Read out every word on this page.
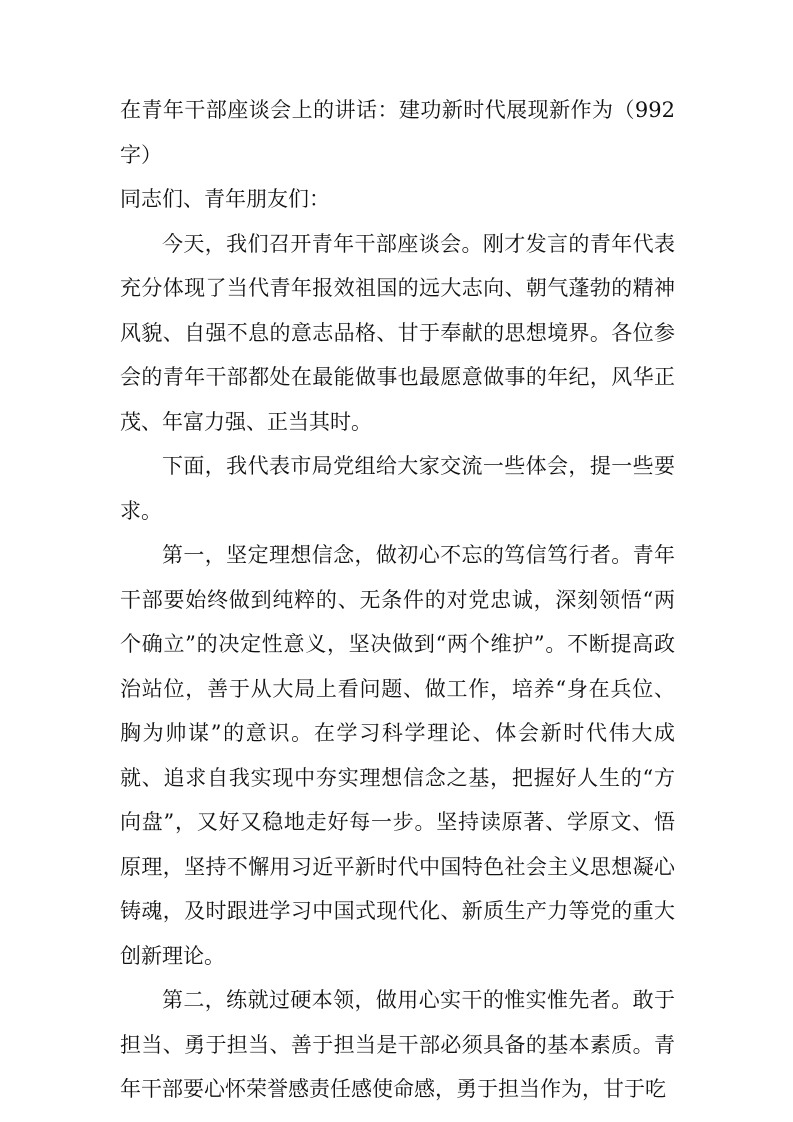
在青年干部座谈会上的讲话：建功新时代展现新作为（992字）

同志们、青年朋友们：

今天，我们召开青年干部座谈会。刚才发言的青年代表充分体现了当代青年报效祖国的远大志向、朝气蓬勃的精神风貌、自强不息的意志品格、甘于奉献的思想境界。各位参会的青年干部都处在最能做事也最愿意做事的年纪，风华正茂、年富力强、正当其时。

下面，我代表市局党组给大家交流一些体会，提一些要求。

第一，坚定理想信念，做初心不忘的笃信笃行者。青年干部要始终做到纯粹的、无条件的对党忠诚，深刻领悟“两个确立”的决定性意义，坚决做到“两个维护”。不断提高政治站位，善于从大局上看问题、做工作，培养“身在兵位、胸为帅谋”的意识。在学习科学理论、体会新时代伟大成就、追求自我实现中夯实理想信念之基，把握好人生的“方向盘”，又好又稳地走好每一步。坚持读原著、学原文、悟原理，坚持不懈用习近平新时代中国特色社会主义思想凝心铸魂，及时跟进学习中国式现代化、新质生产力等党的重大创新理论。

第二，练就过硬本领，做用心实干的惟实惟先者。敢于担当、勇于担当、善于担当是干部必须具备的基本素质。青年干部要心怀荣誉感责任感使命感，勇于担当作为，甘于吃
